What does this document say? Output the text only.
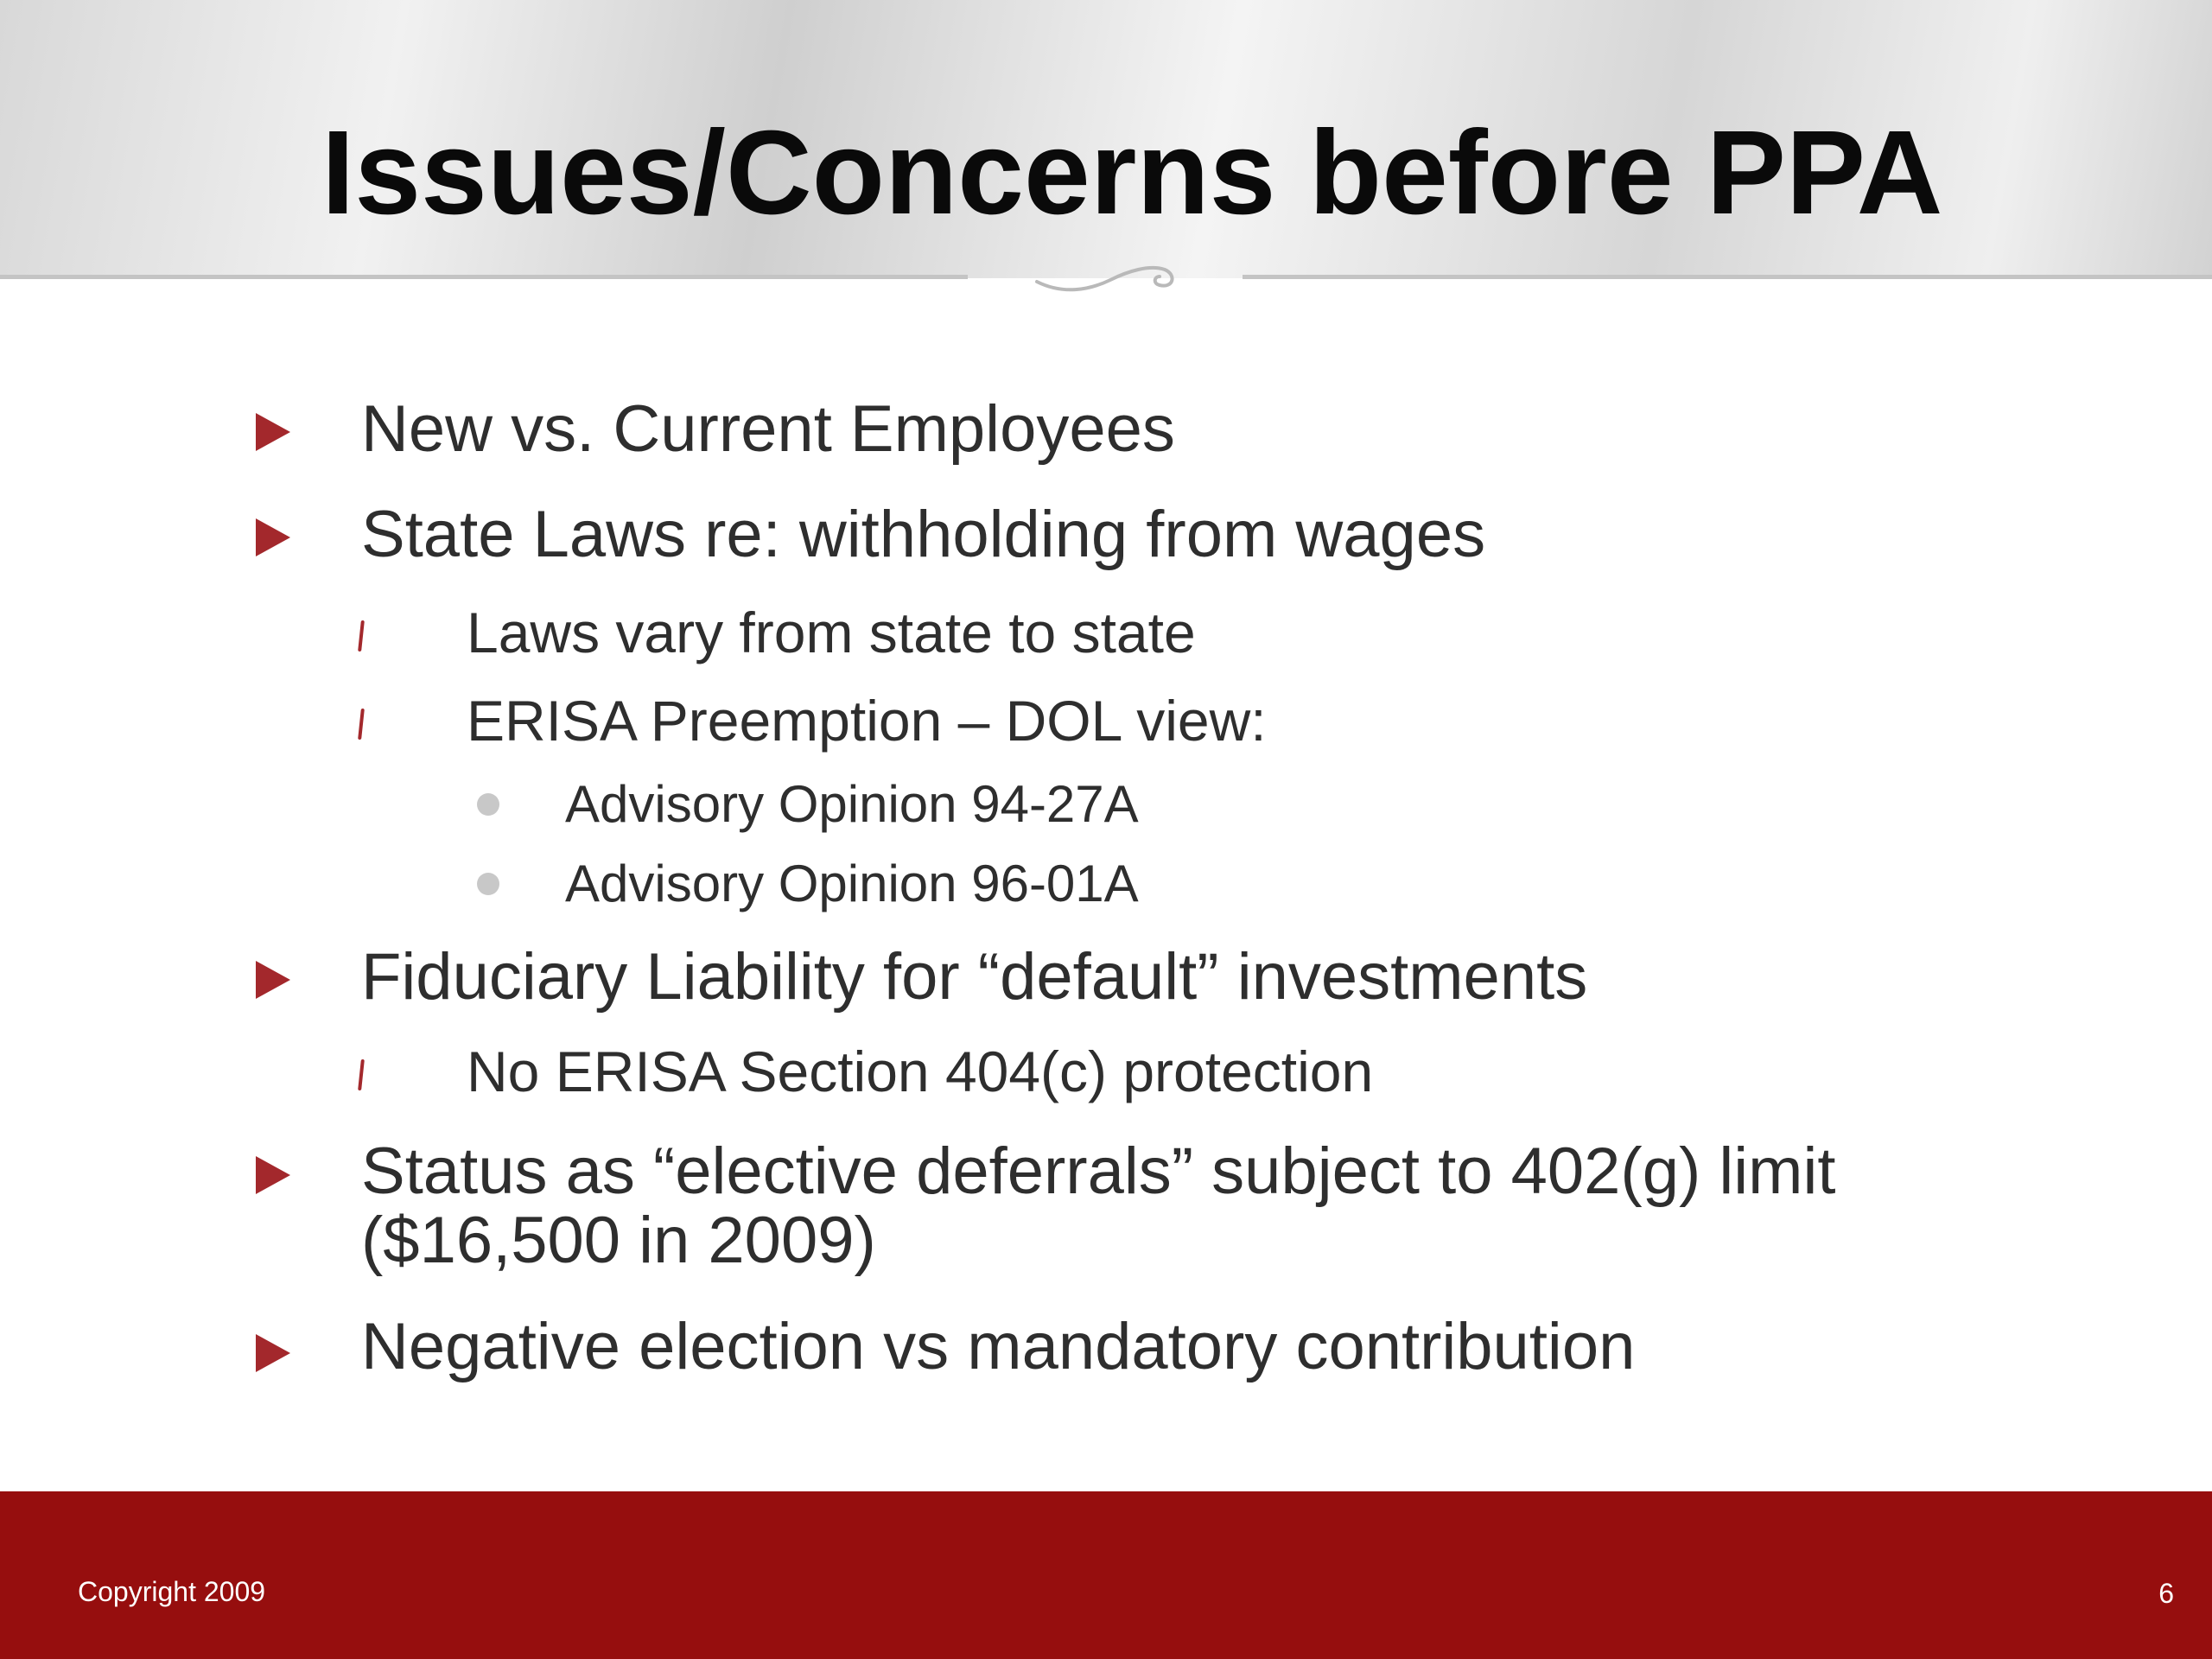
Issues/Concerns before PPA
New vs. Current Employees
State Laws re: withholding from wages
Laws vary from state to state
ERISA Preemption – DOL view:
Advisory Opinion 94-27A
Advisory Opinion 96-01A
Fiduciary Liability for “default” investments
No ERISA Section 404(c) protection
Status as “elective deferrals” subject to 402(g) limit ($16,500 in 2009)
Negative election vs mandatory contribution
Copyright 2009	6
